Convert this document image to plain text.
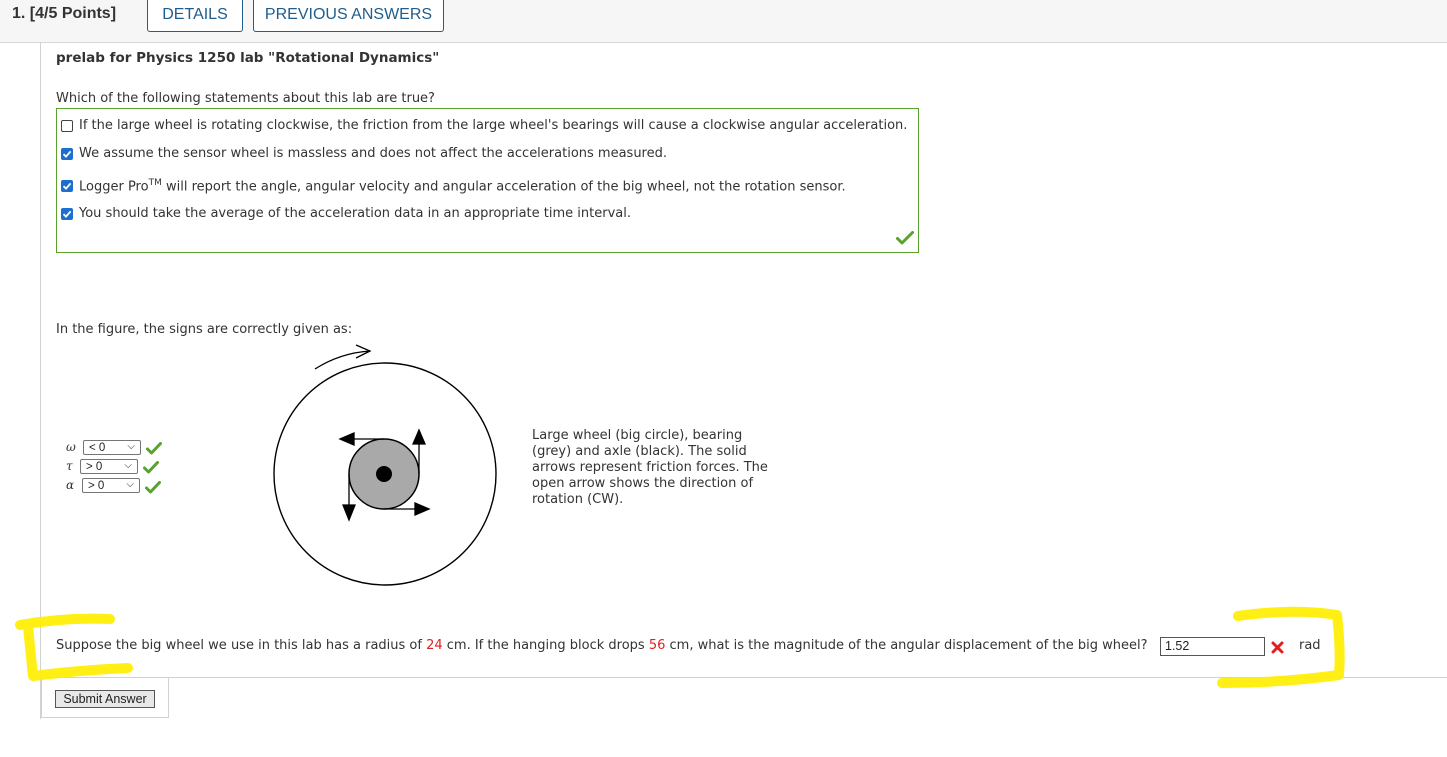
1. [4/5 Points]	DETAILS	PREVIOUS ANSWERS
prelab for Physics 1250 lab "Rotational Dynamics"
Which of the following statements about this lab are true?
If the large wheel is rotating clockwise, the friction from the large wheel's bearings will cause a clockwise angular acceleration.
We assume the sensor wheel is massless and does not affect the accelerations measured.
Logger Pro™ will report the angle, angular velocity and angular acceleration of the big wheel, not the rotation sensor.
You should take the average of the acceleration data in an appropriate time interval.
In the figure, the signs are correctly given as:
ω < 0 ⌵
τ > 0 ⌵
α > 0 ⌵
Large wheel (big circle), bearing (grey) and axle (black). The solid arrows represent friction forces. The open arrow shows the direction of rotation (CW).
Suppose the big wheel we use in this lab has a radius of 24 cm. If the hanging block drops 56 cm, what is the magnitude of the angular displacement of the big wheel?	1.52	rad
Submit Answer
